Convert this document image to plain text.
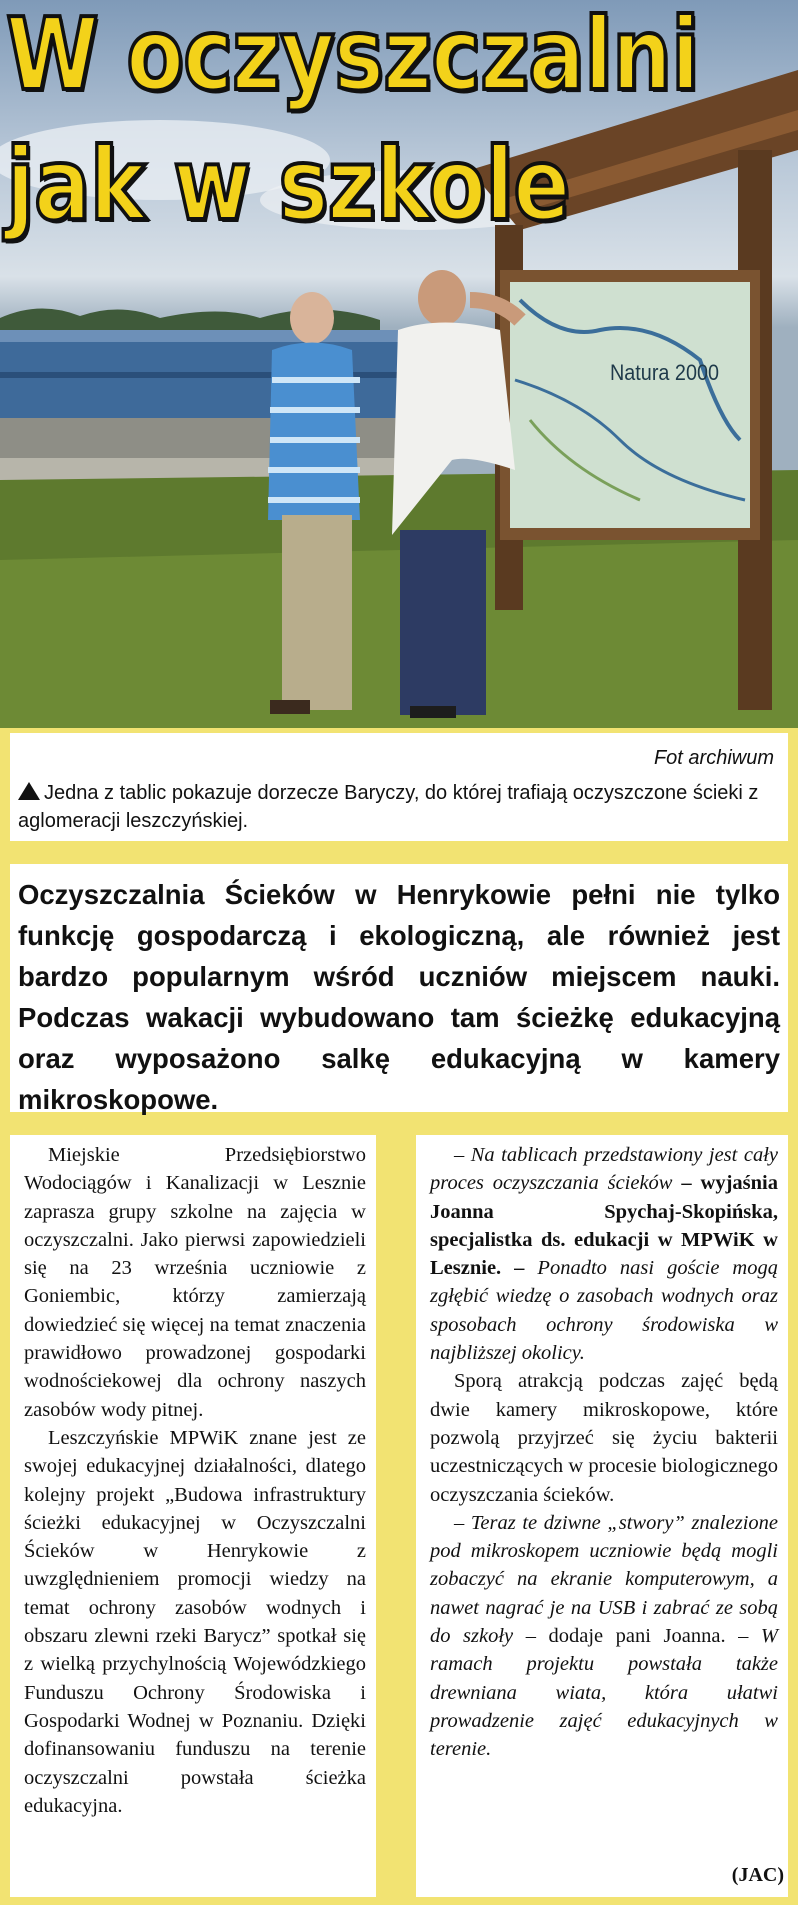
Natura 2000
W oczyszczalni
jak w szkole
Fot archiwum

Jedna z tablic pokazuje dorzecze Baryczy, do której trafiają oczyszczone ścieki z aglomeracji leszczyńskiej.

Oczyszczalnia Ścieków w Henrykowie pełni nie tylko funkcję gospodarczą i ekologiczną, ale również jest bardzo popularnym wśród uczniów miejscem nauki. Podczas wakacji wybudowano tam ścieżkę edukacyjną oraz wyposażono salkę edukacyjną w kamery mikroskopowe.

Miejskie Przedsiębiorstwo Wodociągów i Kanalizacji w Lesznie zaprasza grupy szkolne na zajęcia w oczyszczalni. Jako pierwsi zapowiedzieli się na 23 września uczniowie z Goniembic, którzy zamierzają dowiedzieć się więcej na temat znaczenia prawidłowo prowadzonej gospodarki wodnościekowej dla ochrony naszych zasobów wody pitnej.

Leszczyńskie MPWiK znane jest ze swojej edukacyjnej działalności, dlatego kolejny projekt „Budowa infrastruktury ścieżki edukacyjnej w Oczyszczalni Ścieków w Henrykowie z uwzględnieniem promocji wiedzy na temat ochrony zasobów wodnych i obszaru zlewni rzeki Barycz” spotkał się z wielką przychylnością Wojewódzkiego Funduszu Ochrony Środowiska i Gospodarki Wodnej w Poznaniu. Dzięki dofinansowaniu funduszu na terenie oczyszczalni powstała ścieżka edukacyjna.

– Na tablicach przedstawiony jest cały proces oczyszczania ścieków – wyjaśnia Joanna Spychaj-Skopińska, specjalistka ds. edukacji w MPWiK w Lesznie. – Ponadto nasi goście mogą zgłębić wiedzę o zasobach wodnych oraz sposobach ochrony środowiska w najbliższej okolicy.

Sporą atrakcją podczas zajęć będą dwie kamery mikroskopowe, które pozwolą przyjrzeć się życiu bakterii uczestniczących w procesie biologicznego oczyszczania ścieków.

– Teraz te dziwne „stwory” znalezione pod mikroskopem uczniowie będą mogli zobaczyć na ekranie komputerowym, a nawet nagrać je na USB i zabrać ze sobą do szkoły – dodaje pani Joanna. – W ramach projektu powstała także drewniana wiata, która ułatwi prowadzenie zajęć edukacyjnych w terenie.

(JAC)
